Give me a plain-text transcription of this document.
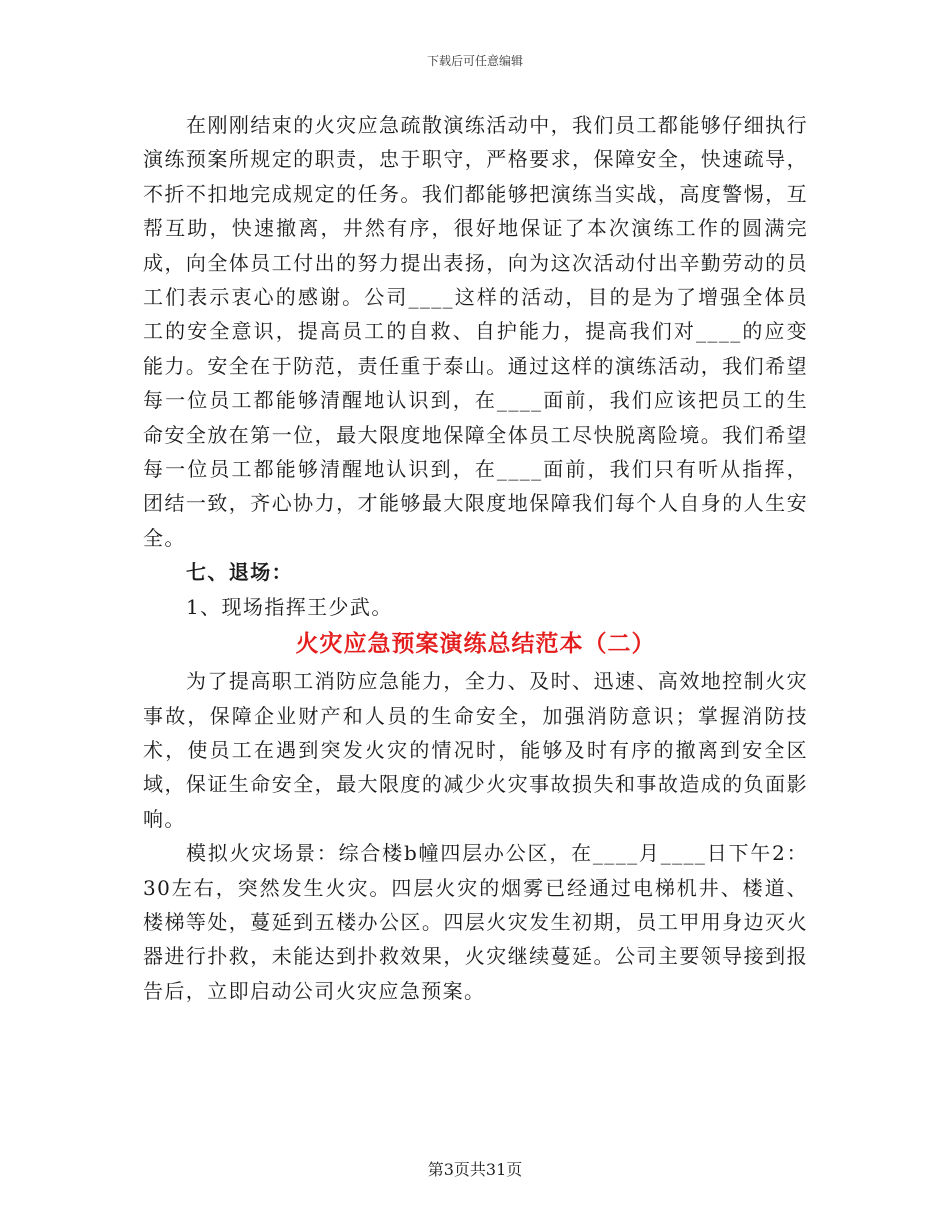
下载后可任意编辑

在刚刚结束的火灾应急疏散演练活动中，我们员工都能够仔细执行演练预案所规定的职责，忠于职守，严格要求，保障安全，快速疏导，不折不扣地完成规定的任务。我们都能够把演练当实战，高度警惕，互帮互助，快速撤离，井然有序，很好地保证了本次演练工作的圆满完成，向全体员工付出的努力提出表扬，向为这次活动付出辛勤劳动的员工们表示衷心的感谢。公司____这样的活动，目的是为了增强全体员工的安全意识，提高员工的自救、自护能力，提高我们对____的应变能力。安全在于防范，责任重于泰山。通过这样的演练活动，我们希望每一位员工都能够清醒地认识到，在____面前，我们应该把员工的生命安全放在第一位，最大限度地保障全体员工尽快脱离险境。我们希望每一位员工都能够清醒地认识到，在____面前，我们只有听从指挥，团结一致，齐心协力，才能够最大限度地保障我们每个人自身的人生安全。

七、退场：

1、现场指挥王少武。

火灾应急预案演练总结范本（二）

为了提高职工消防应急能力，全力、及时、迅速、高效地控制火灾事故，保障企业财产和人员的生命安全，加强消防意识；掌握消防技术，使员工在遇到突发火灾的情况时，能够及时有序的撤离到安全区域，保证生命安全，最大限度的减少火灾事故损失和事故造成的负面影响。

模拟火灾场景：综合楼b幢四层办公区，在____月____日下午2：30左右，突然发生火灾。四层火灾的烟雾已经通过电梯机井、楼道、楼梯等处，蔓延到五楼办公区。四层火灾发生初期，员工甲用身边灭火器进行扑救，未能达到扑救效果，火灾继续蔓延。公司主要领导接到报告后，立即启动公司火灾应急预案。

第3页共31页
